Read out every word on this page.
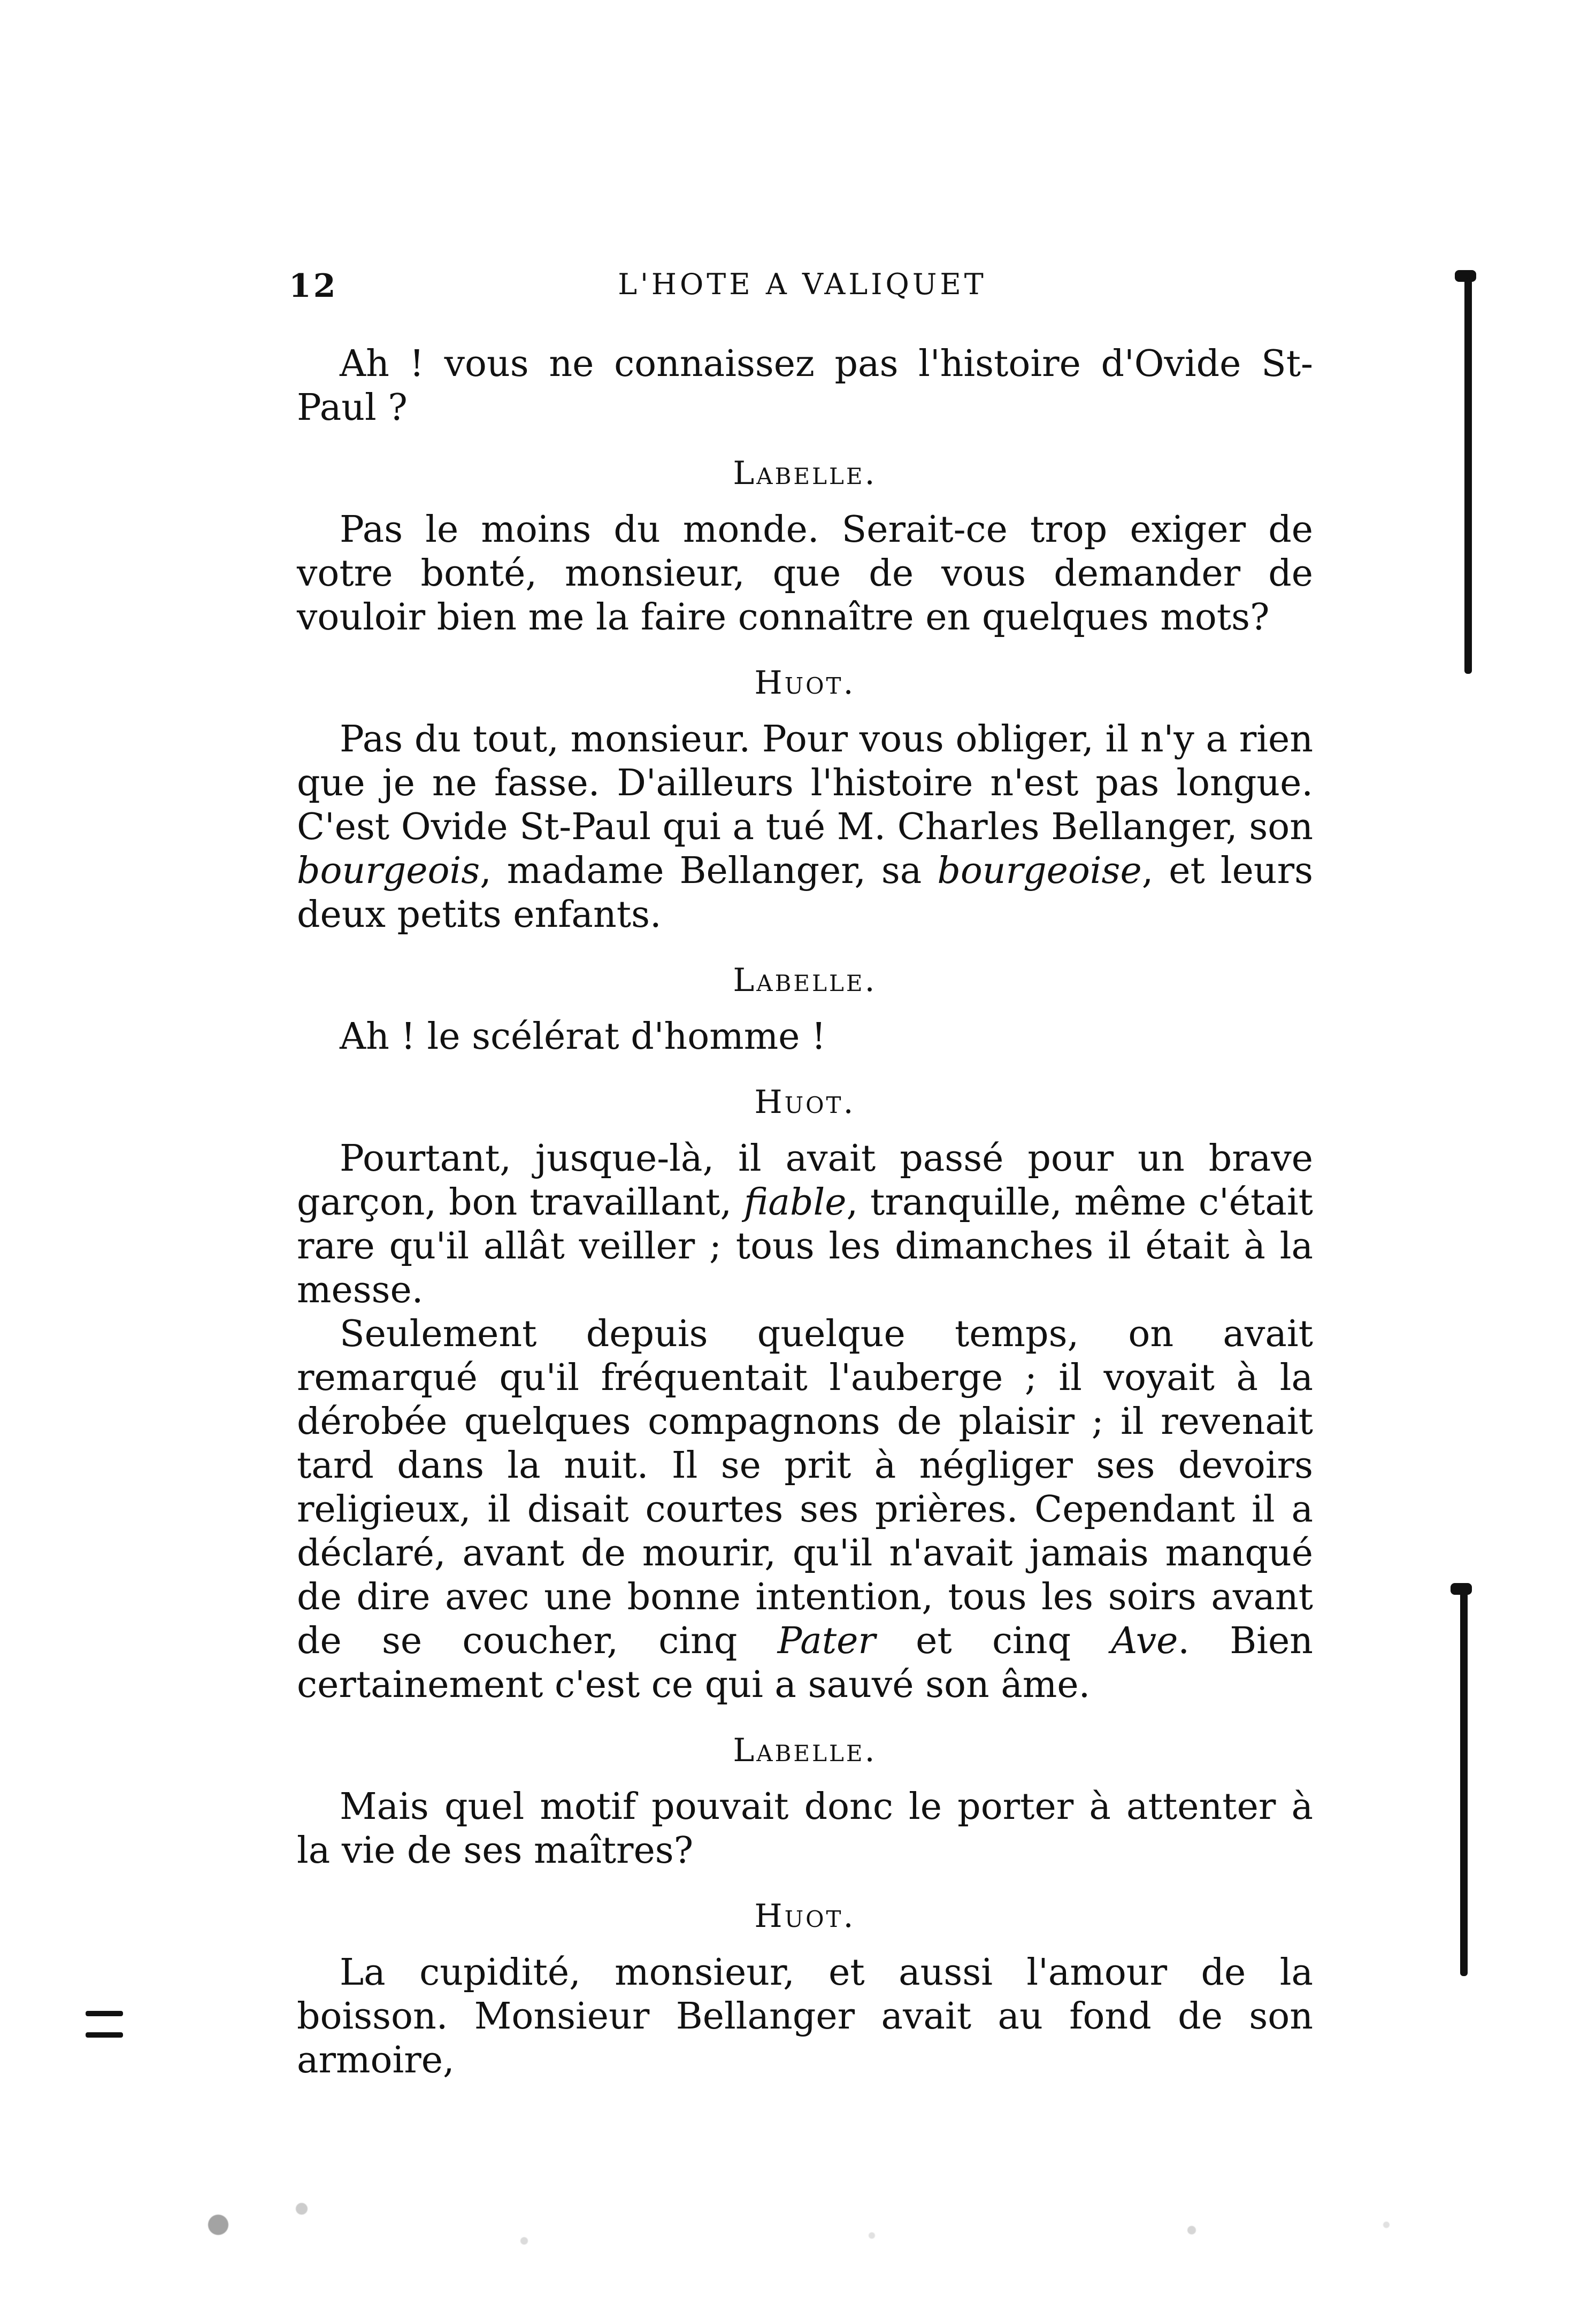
12	L'HOTE A VALIQUET

Ah ! vous ne connaissez pas l'histoire d'Ovide St-Paul ?

Labelle.

Pas le moins du monde. Serait-ce trop exiger de votre bonté, monsieur, que de vous demander de vouloir bien me la faire connaître en quelques mots?

Huot.

Pas du tout, monsieur. Pour vous obliger, il n'y a rien que je ne fasse. D'ailleurs l'histoire n'est pas longue. C'est Ovide St-Paul qui a tué M. Charles Bellanger, son bourgeois, madame Bellanger, sa bourgeoise, et leurs deux petits enfants.

Labelle.

Ah ! le scélérat d'homme !

Huot.

Pourtant, jusque-là, il avait passé pour un brave garçon, bon travaillant, fiable, tranquille, même c'était rare qu'il allât veiller ; tous les dimanches il était à la messe.

Seulement depuis quelque temps, on avait remarqué qu'il fréquentait l'auberge ; il voyait à la dérobée quelques compagnons de plaisir ; il revenait tard dans la nuit. Il se prit à négliger ses devoirs religieux, il disait courtes ses prières. Cependant il a déclaré, avant de mourir, qu'il n'avait jamais manqué de dire avec une bonne intention, tous les soirs avant de se coucher, cinq Pater et cinq Ave. Bien certainement c'est ce qui a sauvé son âme.

Labelle.

Mais quel motif pouvait donc le porter à attenter à la vie de ses maîtres?

Huot.

La cupidité, monsieur, et aussi l'amour de la boisson. Monsieur Bellanger avait au fond de son armoire,
